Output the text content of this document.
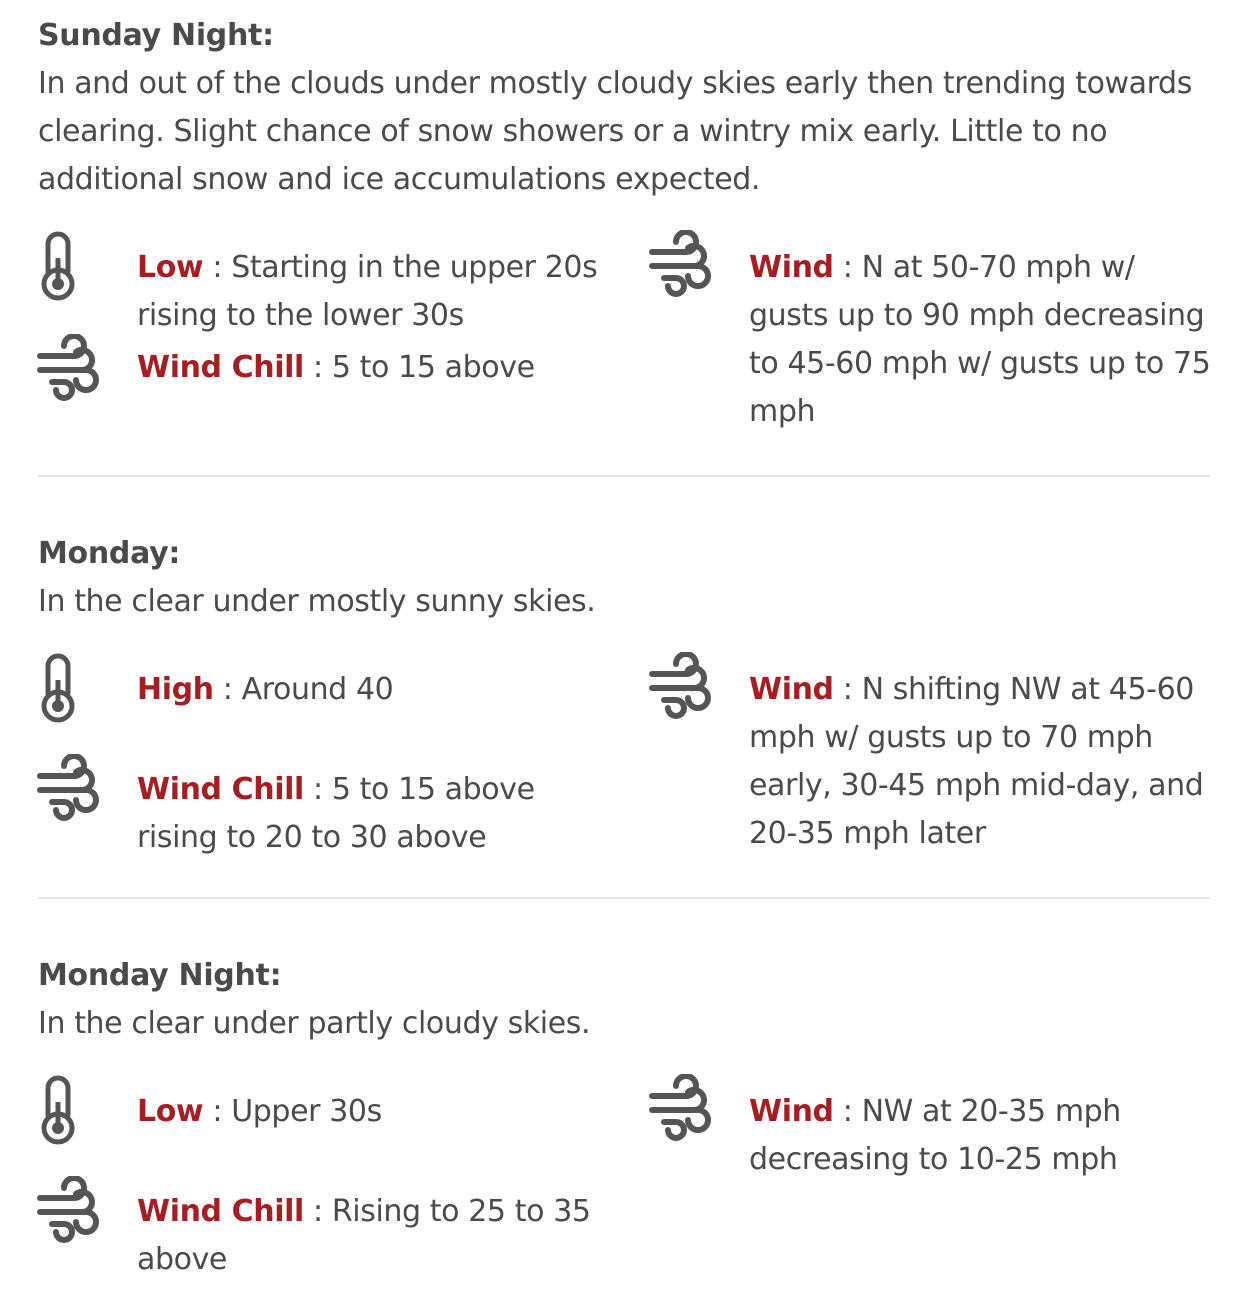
Sunday Night:

In and out of the clouds under mostly cloudy skies early then trending towards clearing. Slight chance of snow showers or a wintry mix early. Little to no additional snow and ice accumulations expected.

Low : Starting in the upper 20s rising to the lower 30s
Wind Chill : 5 to 15 above
Wind : N at 50-70 mph w/ gusts up to 90 mph decreasing to 45-60 mph w/ gusts up to 75 mph

Monday:

In the clear under mostly sunny skies.

High : Around 40
Wind Chill : 5 to 15 above rising to 20 to 30 above
Wind : N shifting NW at 45-60 mph w/ gusts up to 70 mph early, 30-45 mph mid-day, and 20-35 mph later

Monday Night:

In the clear under partly cloudy skies.

Low : Upper 30s
Wind Chill : Rising to 25 to 35 above
Wind : NW at 20-35 mph decreasing to 10-25 mph
